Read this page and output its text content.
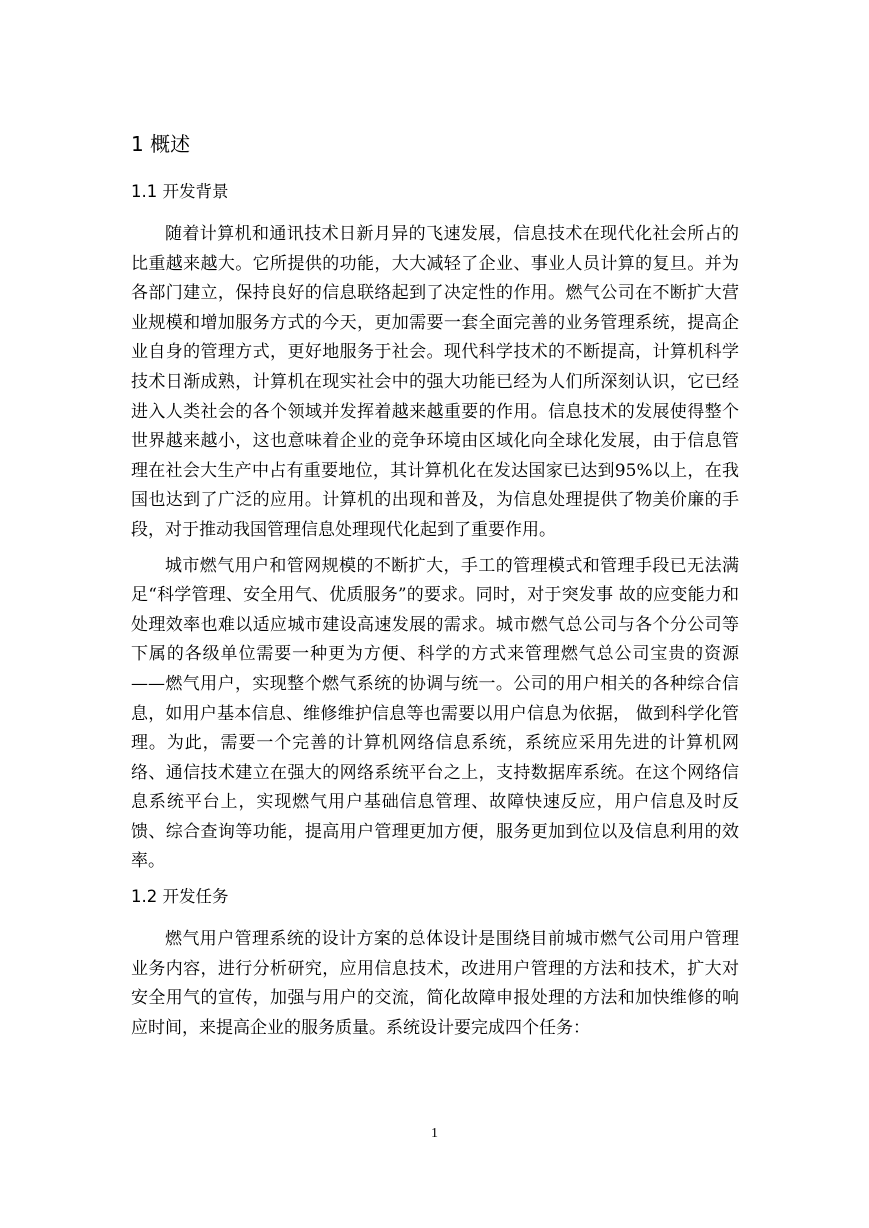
1 概述
1.1 开发背景

随着计算机和通讯技术日新月异的飞速发展，信息技术在现代化社会所占的比重越来越大。它所提供的功能，大大减轻了企业、事业人员计算的复旦。并为各部门建立，保持良好的信息联络起到了决定性的作用。燃气公司在不断扩大营业规模和增加服务方式的今天，更加需要一套全面完善的业务管理系统，提高企业自身的管理方式，更好地服务于社会。现代科学技术的不断提高，计算机科学技术日渐成熟，计算机在现实社会中的强大功能已经为人们所深刻认识，它已经进入人类社会的各个领域并发挥着越来越重要的作用。信息技术的发展使得整个世界越来越小，这也意味着企业的竞争环境由区域化向全球化发展，由于信息管理在社会大生产中占有重要地位，其计算机化在发达国家已达到95%以上，在我国也达到了广泛的应用。计算机的出现和普及，为信息处理提供了物美价廉的手段，对于推动我国管理信息处理现代化起到了重要作用。

城市燃气用户和管网规模的不断扩大，手工的管理模式和管理手段已无法满足“科学管理、安全用气、优质服务”的要求。同时，对于突发事 故的应变能力和处理效率也难以适应城市建设高速发展的需求。城市燃气总公司与各个分公司等下属的各级单位需要一种更为方便、科学的方式来管理燃气总公司宝贵的资源——燃气用户，实现整个燃气系统的协调与统一。公司的用户相关的各种综合信息，如用户基本信息、维修维护信息等也需要以用户信息为依据， 做到科学化管理。为此，需要一个完善的计算机网络信息系统，系统应采用先进的计算机网络、通信技术建立在强大的网络系统平台之上，支持数据库系统。在这个网络信息系统平台上，实现燃气用户基础信息管理、故障快速反应，用户信息及时反馈、综合查询等功能，提高用户管理更加方便，服务更加到位以及信息利用的效率。

1.2 开发任务

燃气用户管理系统的设计方案的总体设计是围绕目前城市燃气公司用户管理业务内容，进行分析研究，应用信息技术，改进用户管理的方法和技术，扩大对安全用气的宣传，加强与用户的交流，简化故障申报处理的方法和加快维修的响应时间，来提高企业的服务质量。系统设计要完成四个任务：

1
